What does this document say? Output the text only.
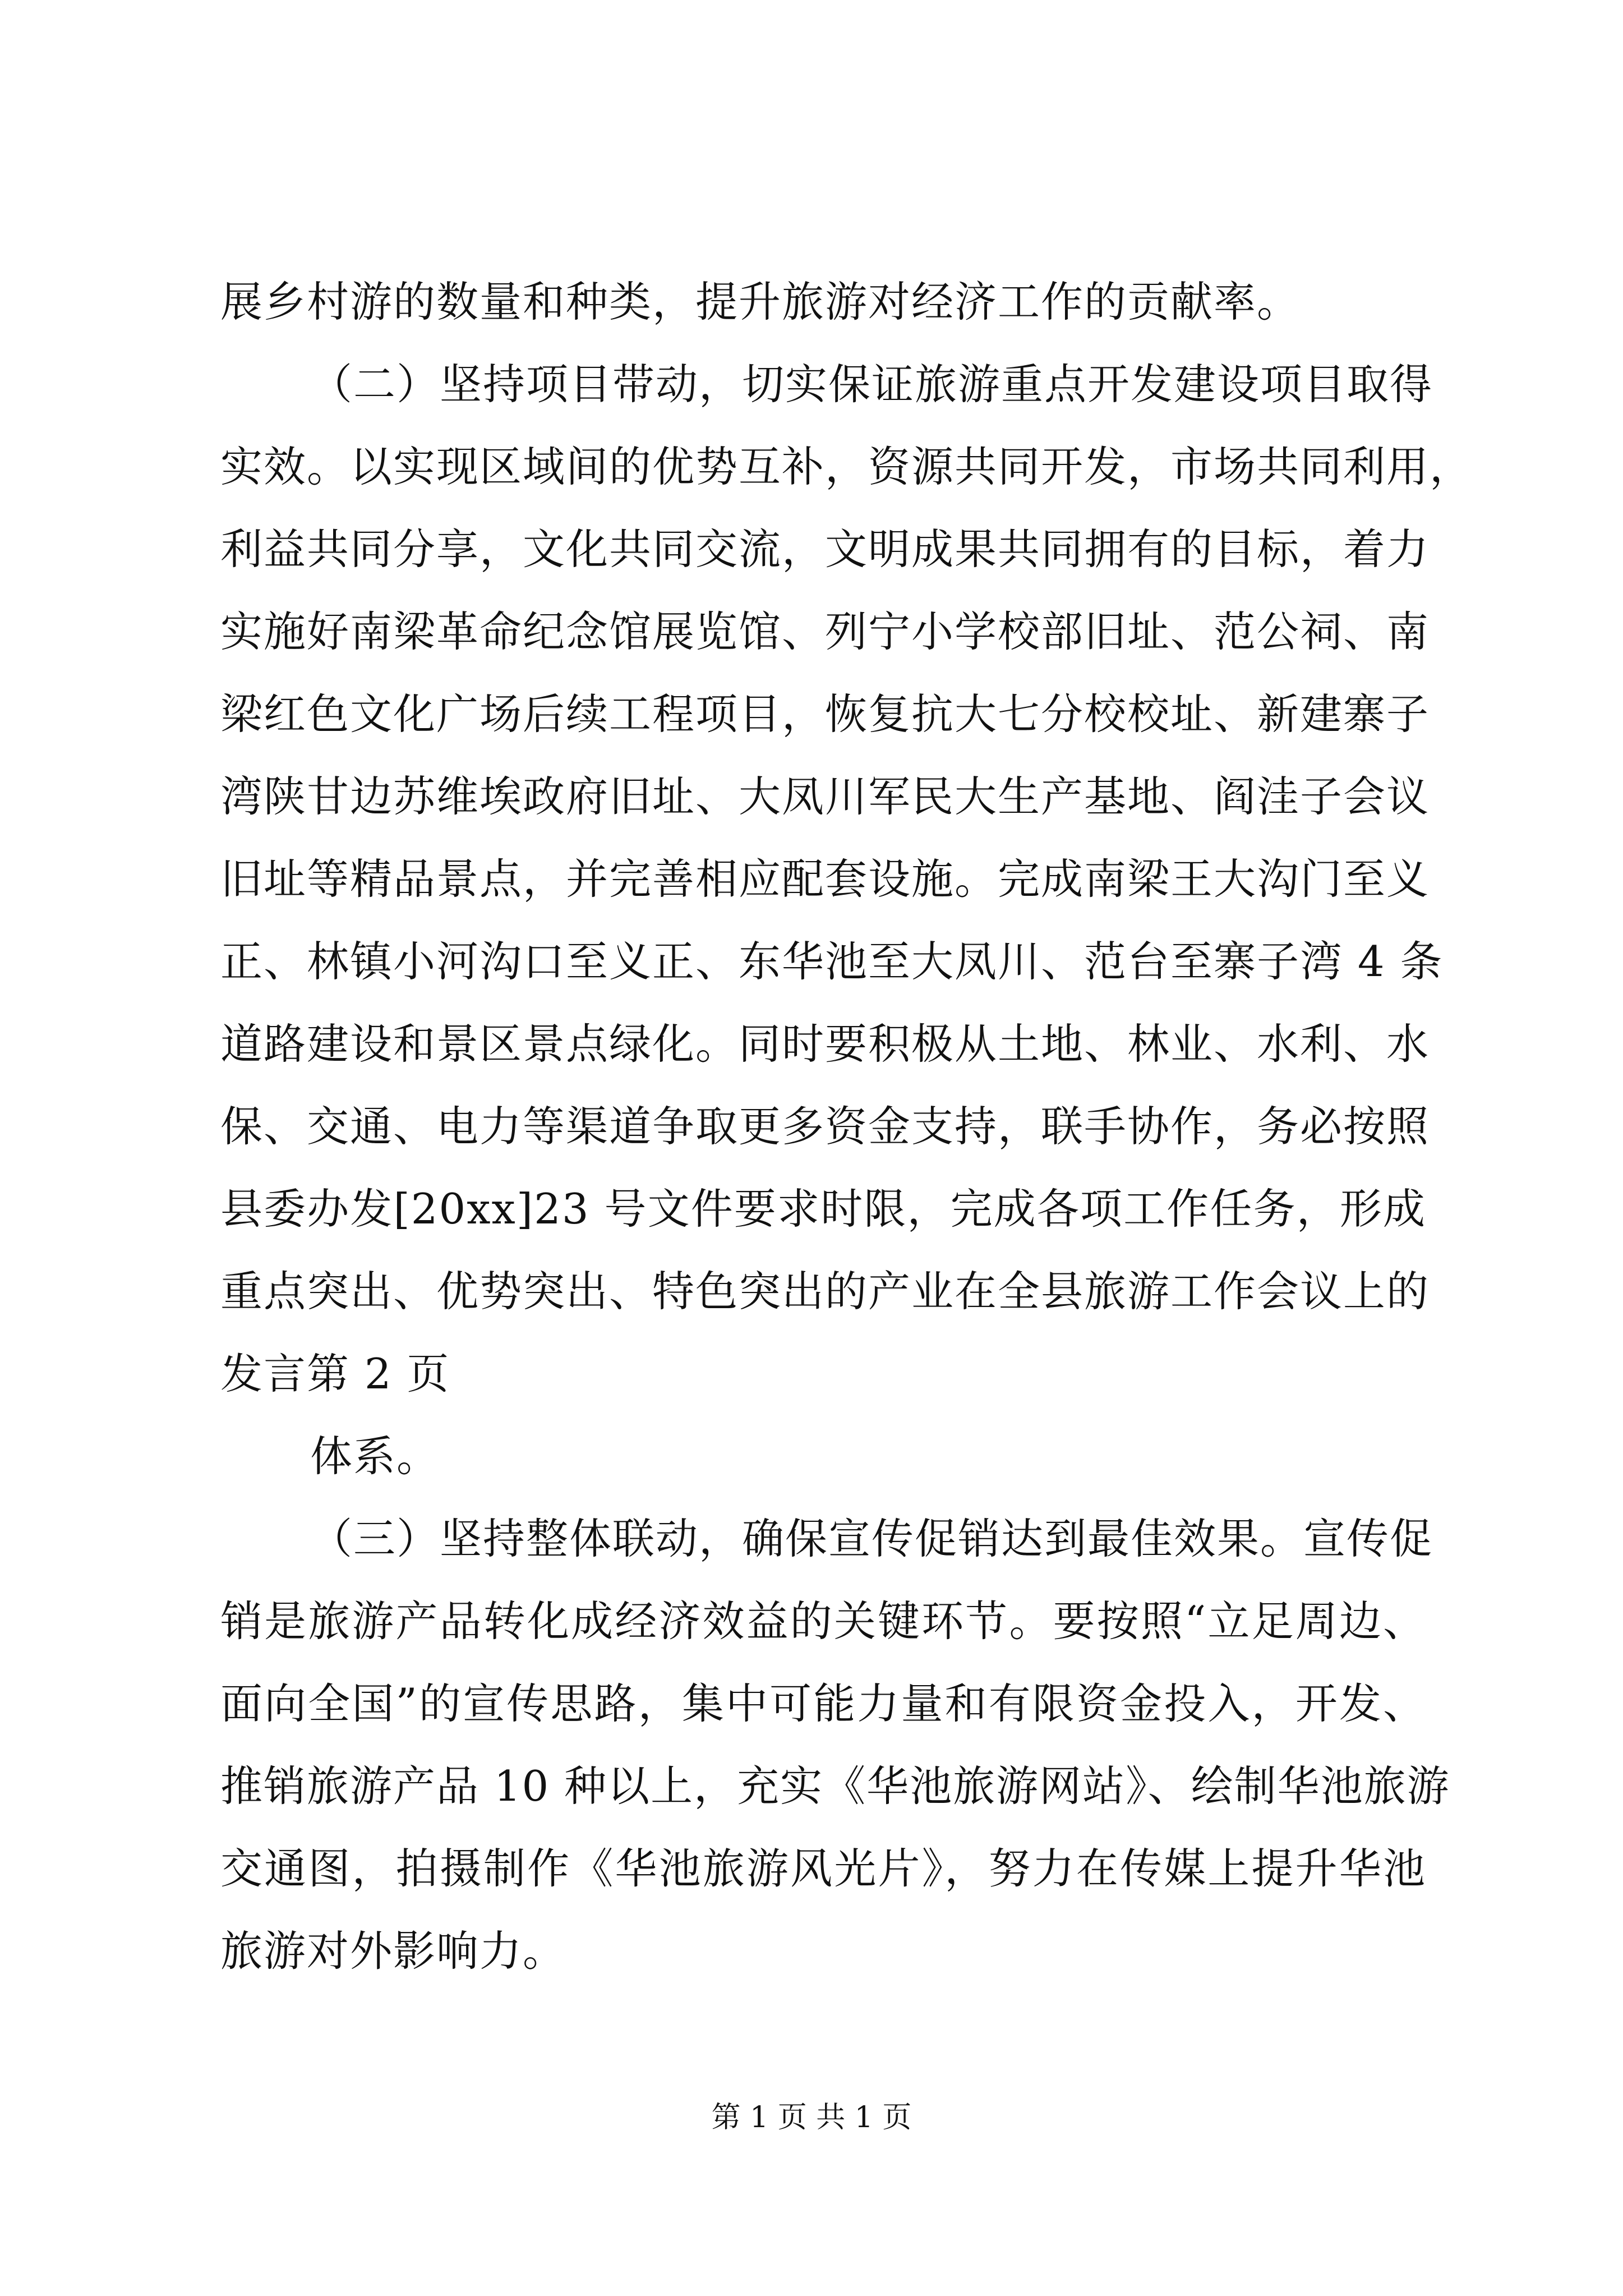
展乡村游的数量和种类，提升旅游对经济工作的贡献率。
（二）坚持项目带动，切实保证旅游重点开发建设项目取得
实效。以实现区域间的优势互补，资源共同开发，市场共同利用，
利益共同分享，文化共同交流，文明成果共同拥有的目标，着力
实施好南梁革命纪念馆展览馆、列宁小学校部旧址、范公祠、南
梁红色文化广场后续工程项目，恢复抗大七分校校址、新建寨子
湾陕甘边苏维埃政府旧址、大凤川军民大生产基地、阎洼子会议
旧址等精品景点，并完善相应配套设施。完成南梁王大沟门至义
正、林镇小河沟口至义正、东华池至大凤川、范台至寨子湾 4 条
道路建设和景区景点绿化。同时要积极从土地、林业、水利、水
保、交通、电力等渠道争取更多资金支持，联手协作，务必按照
县委办发[20xx]23 号文件要求时限，完成各项工作任务，形成
重点突出、优势突出、特色突出的产业在全县旅游工作会议上的
发言第 2 页
体系。
（三）坚持整体联动，确保宣传促销达到最佳效果。宣传促
销是旅游产品转化成经济效益的关键环节。要按照“立足周边、
面向全国”的宣传思路，集中可能力量和有限资金投入，开发、
推销旅游产品 10 种以上，充实《华池旅游网站》、绘制华池旅游
交通图，拍摄制作《华池旅游风光片》，努力在传媒上提升华池
旅游对外影响力。
第 1 页 共 1 页
